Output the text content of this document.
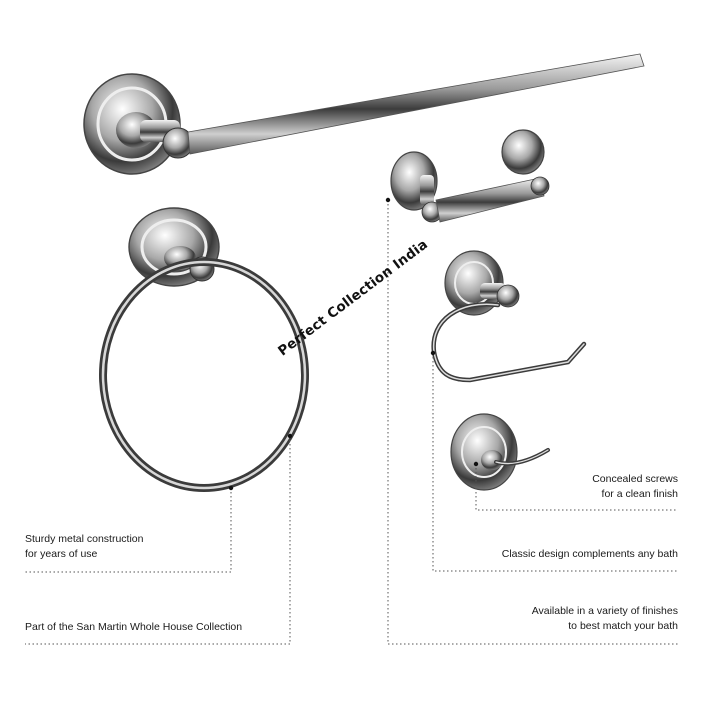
Perfect Collection India
Sturdy metal construction
for years of use
Part of the San Martin Whole House Collection
Concealed screws
for a clean finish
Classic design complements any bath
Available in a variety of finishes
to best match your bath
